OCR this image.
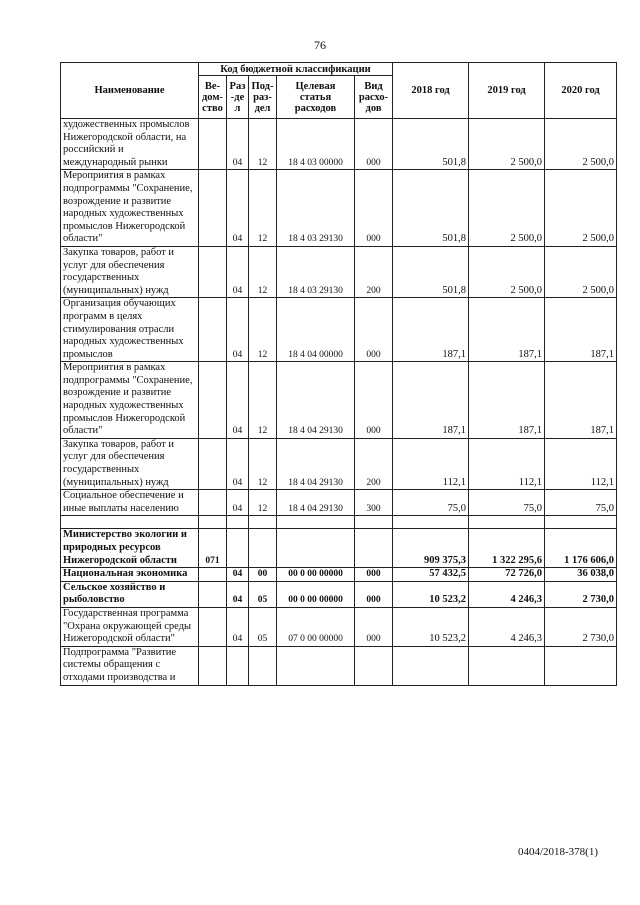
76
Наименование	Код бюджетной классификации					2018 год	2019 год	2020 год
	Ве-дом-ство	Раз-дел	Под-раз-дел	Целевая статья расходов	Вид расхо-дов			
художественных промыслов Нижегородской области, на российский и международный рынки		04	12	18 4 03 00000	000	501,8	2 500,0	2 500,0
Мероприятия в рамках подпрограммы "Сохранение, возрождение и развитие народных художественных промыслов Нижегородской области"		04	12	18 4 03 29130	000	501,8	2 500,0	2 500,0
Закупка товаров, работ и услуг для обеспечения государственных (муниципальных) нужд		04	12	18 4 03 29130	200	501,8	2 500,0	2 500,0
Организация обучающих программ в целях стимулирования отрасли народных художественных промыслов		04	12	18 4 04 00000	000	187,1	187,1	187,1
Мероприятия в рамках подпрограммы "Сохранение, возрождение и развитие народных художественных промыслов Нижегородской области"		04	12	18 4 04 29130	000	187,1	187,1	187,1
Закупка товаров, работ и услуг для обеспечения государственных (муниципальных) нужд		04	12	18 4 04 29130	200	112,1	112,1	112,1
Социальное обеспечение и иные выплаты населению		04	12	18 4 04 29130	300	75,0	75,0	75,0

Министерство экологии и природных ресурсов Нижегородской области	071					909 375,3	1 322 295,6	1 176 606,0
Национальная экономика		04	00	00 0 00 00000	000	57 432,5	72 726,0	36 038,0
Сельское хозяйство и рыболовство		04	05	00 0 00 00000	000	10 523,2	4 246,3	2 730,0
Государственная программа "Охрана окружающей среды Нижегородской области"		04	05	07 0 00 00000	000	10 523,2	4 246,3	2 730,0
Подпрограмма "Развитие системы обращения с отходами производства и								
0404/2018-378(1)
